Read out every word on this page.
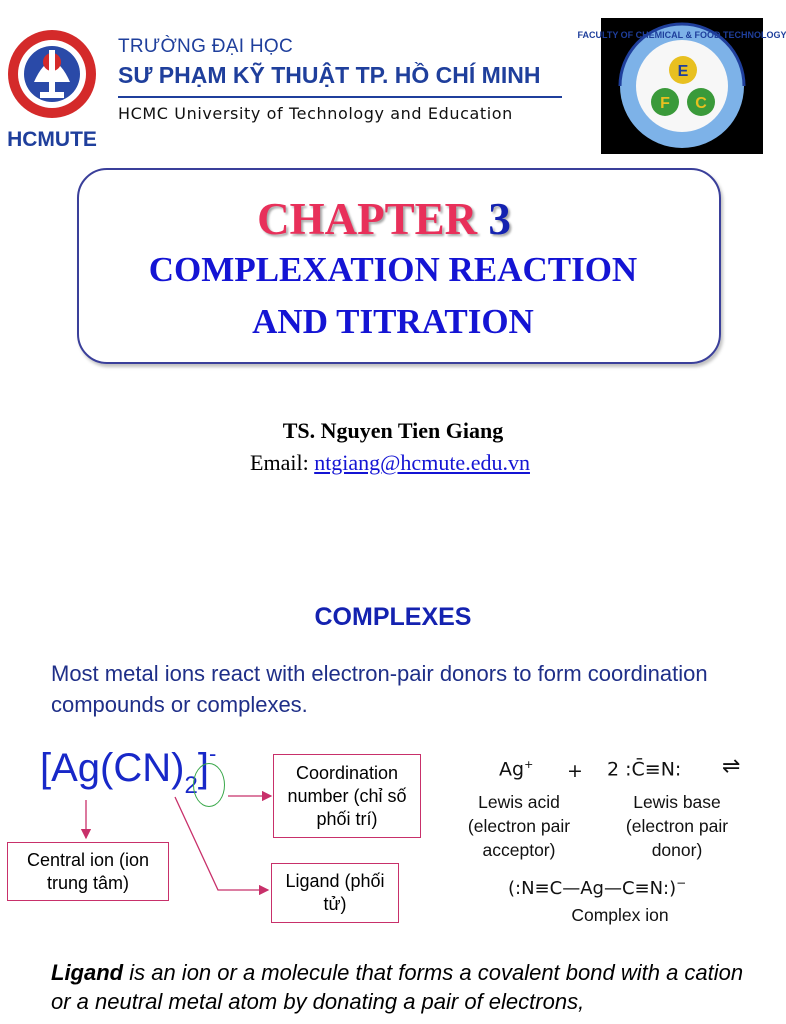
HCMUTE
TRƯỜNG ĐẠI HỌC
SƯ PHẠM KỸ THUẬT TP. HỒ CHÍ MINH
HCMC University of Technology and Education
FACULTY OF CHEMICAL & FOOD TECHNOLOGY
E
F C
CHAPTER 3
COMPLEXATION REACTION
AND TITRATION
TS. Nguyen Tien Giang
Email: ntgiang@hcmute.edu.vn
COMPLEXES
Most metal ions react with electron-pair donors to form coordination compounds or complexes.
$[Ag(CN)_2]^-$
Coordination number (chỉ số phối trí)
Ligand (phối tử)
Central ion (ion trung tâm)
Ag+ + 2 :C̄≡N: ⇌
Lewis acid (electron pair acceptor)
Lewis base (electron pair donor)
(:N≡C—Ag—C≡N:)−
Complex ion
Ligand is an ion or a molecule that forms a covalent bond with a cation or a neutral metal atom by donating a pair of electrons,
